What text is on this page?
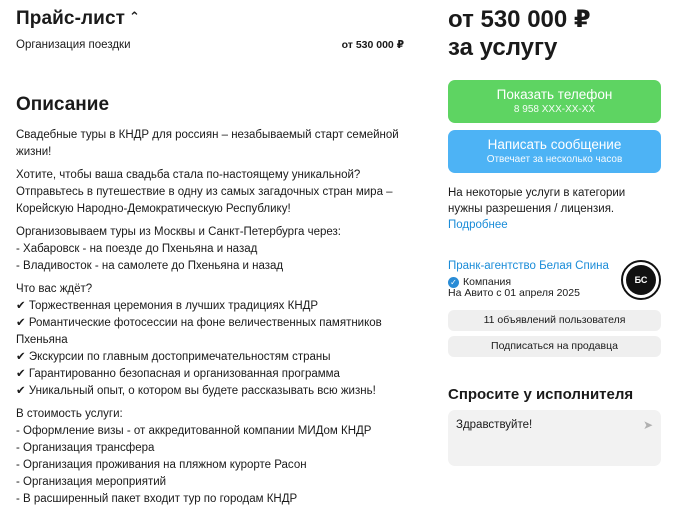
Прайс-лист ⌃
Организация поездки	от 530 000 ₽
Описание

Свадебные туры в КНДР для россиян – незабываемый старт семейной жизни!

Хотите, чтобы ваша свадьба стала по-настоящему уникальной? Отправьтесь в путешествие в одну из самых загадочных стран мира – Корейскую Народно-Демократическую Республику!

Организовываем туры из Москвы и Санкт-Петербурга через:
- Хабаровск - на поезде до Пхеньяна и назад
- Владивосток - на самолете до Пхеньяна и назад

Что вас ждёт?
✔ Торжественная церемония в лучших традициях КНДР
✔ Романтические фотосессии на фоне величественных памятников Пхеньяна
✔ Экскурсии по главным достопримечательностям страны
✔ Гарантированно безопасная и организованная программа
✔ Уникальный опыт, о котором вы будете рассказывать всю жизнь!

В стоимость услуги:
- Оформление визы - от аккредитованной компании МИДом КНДР
- Организация трансфера
- Организация проживания на пляжном курорте Расон
- Организация мероприятий
- В расширенный пакет входит тур по городам КНДР

от 530 000 ₽
за услугу
Показать телефон
8 958 XXX-XX-XX
Написать сообщение
Отвечает за несколько часов
На некоторые услуги в категории нужны разрешения / лицензия. Подробнее
Пранк-агентство Белая Спина
✓ Компания
На Авито с 01 апреля 2025
БС
11 объявлений пользователя
Подписаться на продавца
Спросите у исполнителя
Здравствуйте!	➤
